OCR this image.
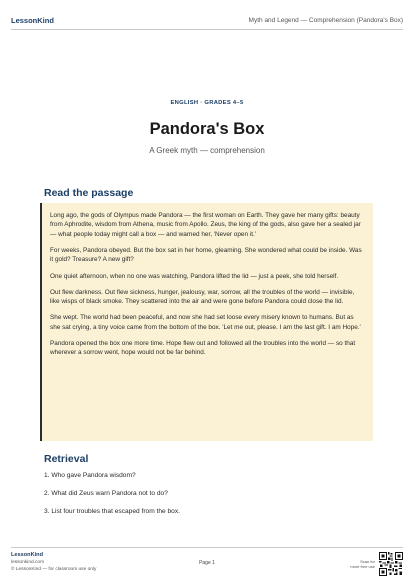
LessonKind	Myth and Legend — Comprehension (Pandora's Box)
ENGLISH · GRADES 4–5
Pandora's Box
A Greek myth — comprehension
Read the passage

Long ago, the gods of Olympus made Pandora — the first woman on Earth. They gave her many gifts: beauty from Aphrodite, wisdom from Athena, music from Apollo. Zeus, the king of the gods, also gave her a sealed jar — what people today might call a box — and warned her, 'Never open it.'

For weeks, Pandora obeyed. But the box sat in her home, gleaming. She wondered what could be inside. Was it gold? Treasure? A new gift?

One quiet afternoon, when no one was watching, Pandora lifted the lid — just a peek, she told herself.

Out flew darkness. Out flew sickness, hunger, jealousy, war, sorrow, all the troubles of the world — invisible, like wisps of black smoke. They scattered into the air and were gone before Pandora could close the lid.

She wept. The world had been peaceful, and now she had set loose every misery known to humans. But as she sat crying, a tiny voice came from the bottom of the box. 'Let me out, please. I am the last gift. I am Hope.'

Pandora opened the box one more time. Hope flew out and followed all the troubles into the world — so that wherever a sorrow went, hope would not be far behind.

Retrieval
1. Who gave Pandora wisdom?
2. What did Zeus warn Pandora not to do?
3. List four troubles that escaped from the box.
LessonKind
lessonkind.com
© LessonKind — for classroom use only
Page 1	Scan for
more free use
